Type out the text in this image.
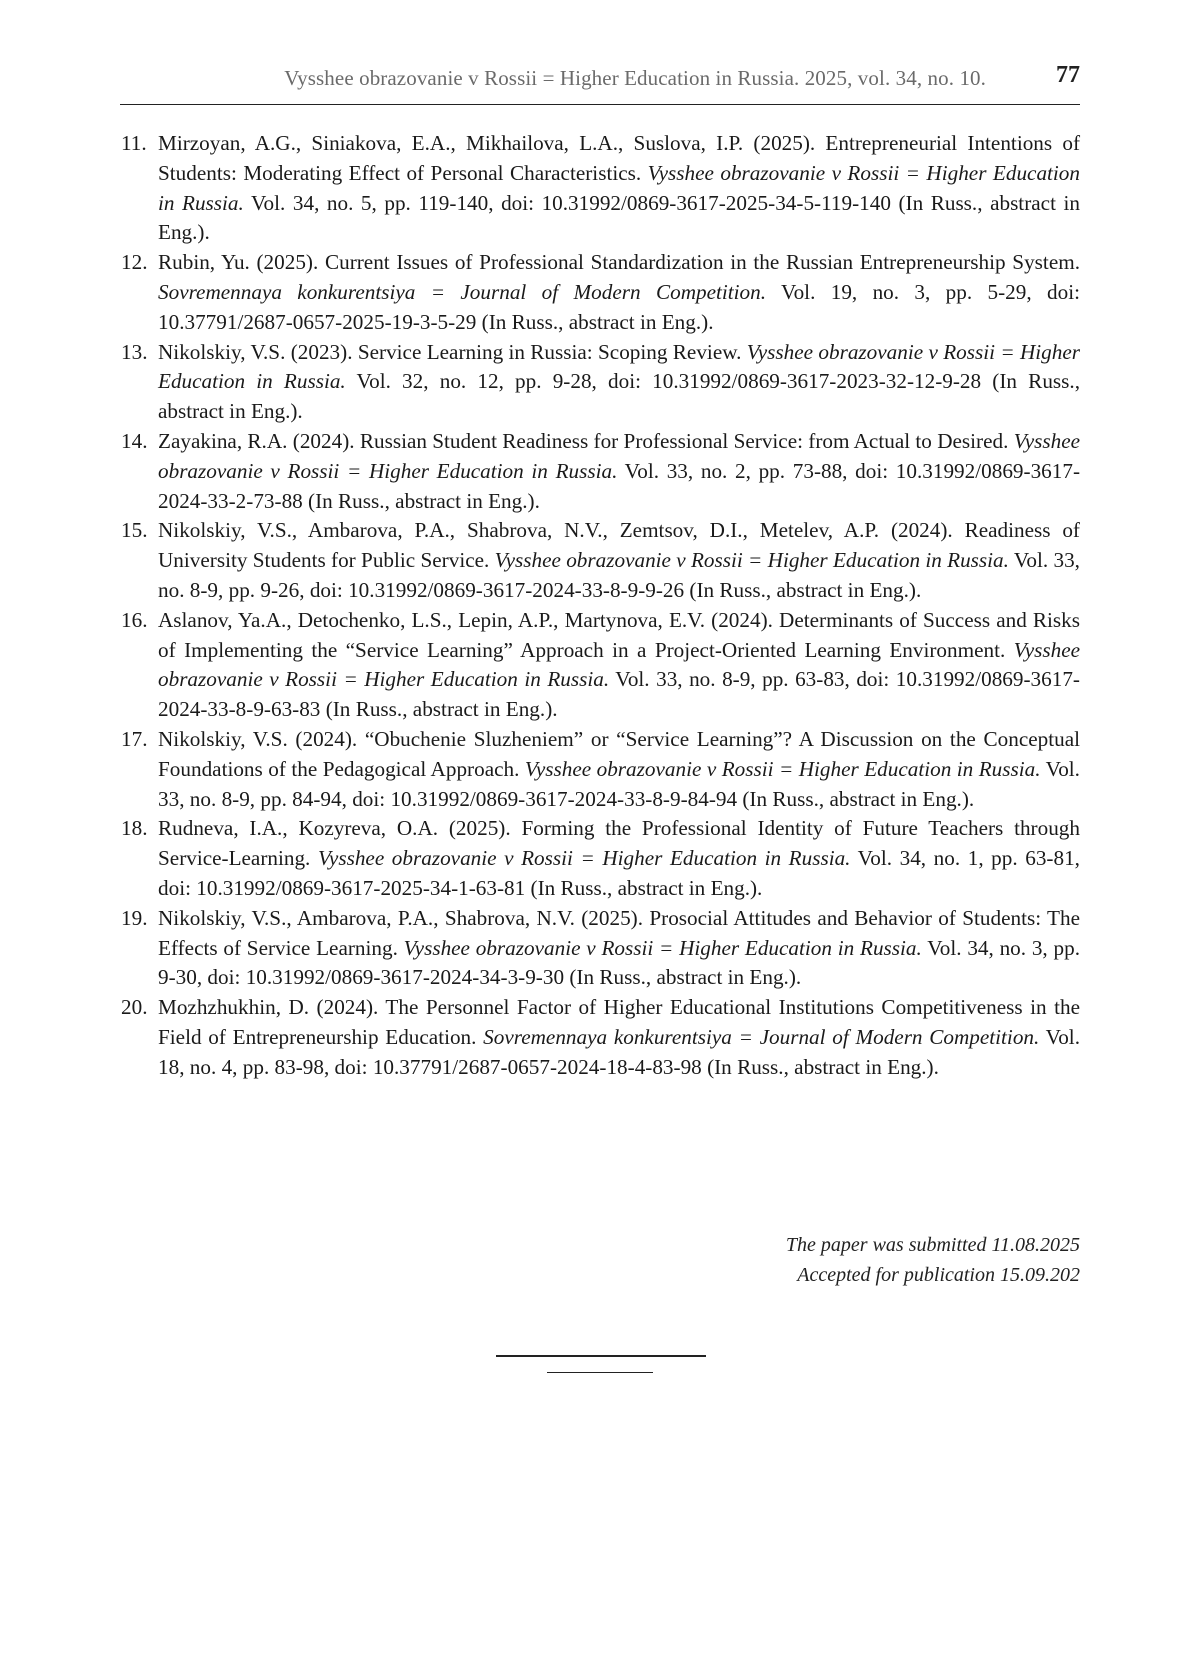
Vysshee obrazovanie v Rossii = Higher Education in Russia. 2025, vol. 34, no. 10.	77
11. Mirzoyan, A.G., Siniakova, E.A., Mikhailova, L.A., Suslova, I.P. (2025). Entrepreneurial Intentions of Students: Moderating Effect of Personal Characteristics. Vysshee obrazovanie v Rossii = Higher Education in Russia. Vol. 34, no. 5, pp. 119-140, doi: 10.31992/0869-3617-2025-34-5-119-140 (In Russ., abstract in Eng.).
12. Rubin, Yu. (2025). Current Issues of Professional Standardization in the Russian Entrepreneurship System. Sovremennaya konkurentsiya = Journal of Modern Competition. Vol. 19, no. 3, pp. 5-29, doi: 10.37791/2687-0657-2025-19-3-5-29 (In Russ., abstract in Eng.).
13. Nikolskiy, V.S. (2023). Service Learning in Russia: Scoping Review. Vysshee obrazovanie v Rossii = Higher Education in Russia. Vol. 32, no. 12, pp. 9-28, doi: 10.31992/0869-3617-2023-32-12-9-28 (In Russ., abstract in Eng.).
14. Zayakina, R.A. (2024). Russian Student Readiness for Professional Service: from Actual to Desired. Vysshee obrazovanie v Rossii = Higher Education in Russia. Vol. 33, no. 2, pp. 73-88, doi: 10.31992/0869-3617-2024-33-2-73-88 (In Russ., abstract in Eng.).
15. Nikolskiy, V.S., Ambarova, P.A., Shabrova, N.V., Zemtsov, D.I., Metelev, A.P. (2024). Readiness of University Students for Public Service. Vysshee obrazovanie v Rossii = Higher Education in Russia. Vol. 33, no. 8-9, pp. 9-26, doi: 10.31992/0869-3617-2024-33-8-9-9-26 (In Russ., abstract in Eng.).
16. Aslanov, Ya.A., Detochenko, L.S., Lepin, A.P., Martynova, E.V. (2024). Determinants of Success and Risks of Implementing the “Service Learning” Approach in a Project-Oriented Learning Environment. Vysshee obrazovanie v Rossii = Higher Education in Russia. Vol. 33, no. 8-9, pp. 63-83, doi: 10.31992/0869-3617-2024-33-8-9-63-83 (In Russ., abstract in Eng.).
17. Nikolskiy, V.S. (2024). “Obuchenie Sluzheniem” or “Service Learning”? A Discussion on the Conceptual Foundations of the Pedagogical Approach. Vysshee obrazovanie v Rossii = Higher Education in Russia. Vol. 33, no. 8-9, pp. 84-94, doi: 10.31992/0869-3617-2024-33-8-9-84-94 (In Russ., abstract in Eng.).
18. Rudneva, I.A., Kozyreva, O.A. (2025). Forming the Professional Identity of Future Teachers through Service-Learning. Vysshee obrazovanie v Rossii = Higher Education in Russia. Vol. 34, no. 1, pp. 63-81, doi: 10.31992/0869-3617-2025-34-1-63-81 (In Russ., abstract in Eng.).
19. Nikolskiy, V.S., Ambarova, P.A., Shabrova, N.V. (2025). Prosocial Attitudes and Behavior of Students: The Effects of Service Learning. Vysshee obrazovanie v Rossii = Higher Education in Russia. Vol. 34, no. 3, pp. 9-30, doi: 10.31992/0869-3617-2024-34-3-9-30 (In Russ., abstract in Eng.).
20. Mozhzhukhin, D. (2024). The Personnel Factor of Higher Educational Institutions Competitiveness in the Field of Entrepreneurship Education. Sovremennaya konkurentsiya = Journal of Modern Competition. Vol. 18, no. 4, pp. 83-98, doi: 10.37791/2687-0657-2024-18-4-83-98 (In Russ., abstract in Eng.).
The paper was submitted 11.08.2025
Accepted for publication 15.09.202
